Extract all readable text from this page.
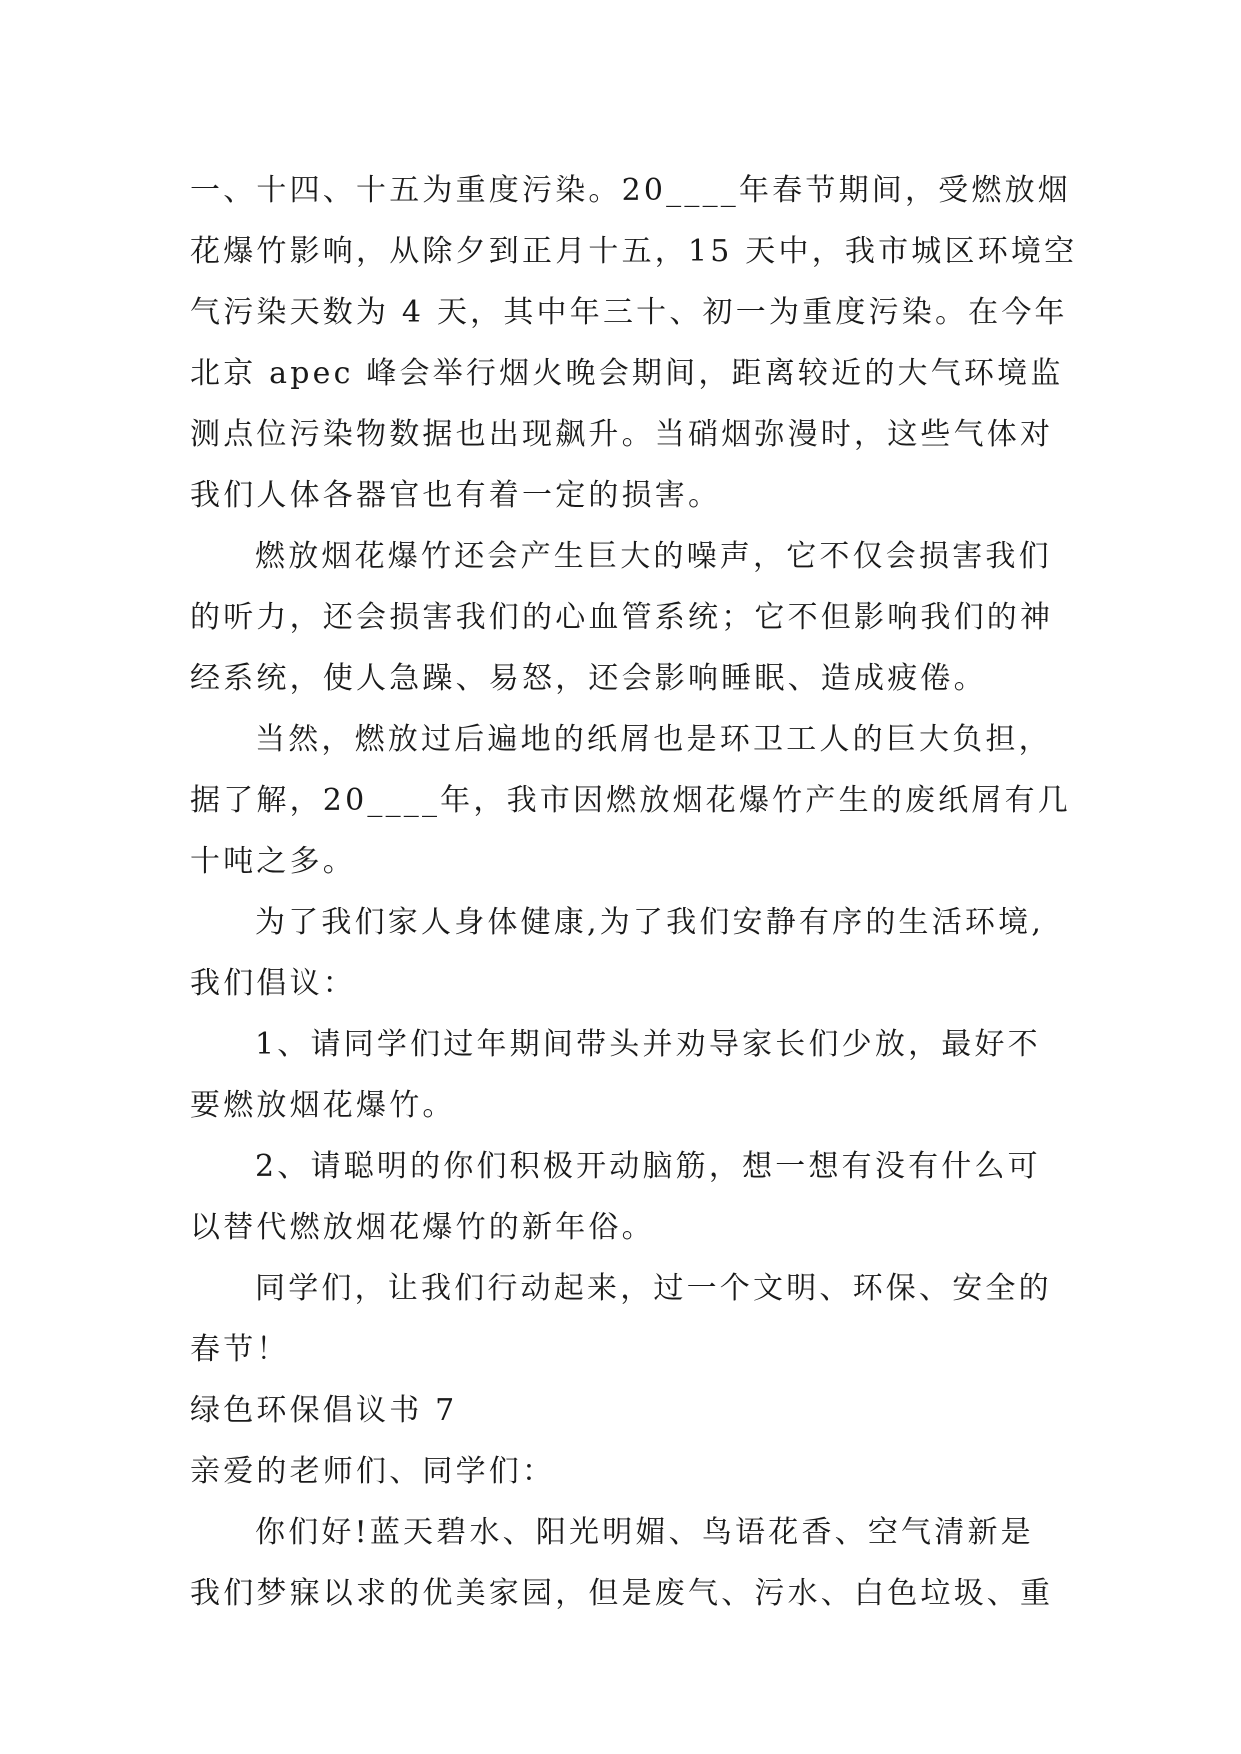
一、十四、十五为重度污染。20____年春节期间，受燃放烟
花爆竹影响，从除夕到正月十五，15 天中，我市城区环境空
气污染天数为 4 天，其中年三十、初一为重度污染。在今年
北京 apec 峰会举行烟火晚会期间，距离较近的大气环境监
测点位污染物数据也出现飙升。当硝烟弥漫时，这些气体对
我们人体各器官也有着一定的损害。
燃放烟花爆竹还会产生巨大的噪声，它不仅会损害我们
的听力，还会损害我们的心血管系统；它不但影响我们的神
经系统，使人急躁、易怒，还会影响睡眠、造成疲倦。
当然，燃放过后遍地的纸屑也是环卫工人的巨大负担，
据了解，20____年，我市因燃放烟花爆竹产生的废纸屑有几
十吨之多。
为了我们家人身体健康,为了我们安静有序的生活环境,
我们倡议：
1、请同学们过年期间带头并劝导家长们少放，最好不
要燃放烟花爆竹。
2、请聪明的你们积极开动脑筋，想一想有没有什么可
以替代燃放烟花爆竹的新年俗。
同学们，让我们行动起来，过一个文明、环保、安全的
春节！
绿色环保倡议书 7
亲爱的老师们、同学们：
你们好!蓝天碧水、阳光明媚、鸟语花香、空气清新是
我们梦寐以求的优美家园，但是废气、污水、白色垃圾、重
